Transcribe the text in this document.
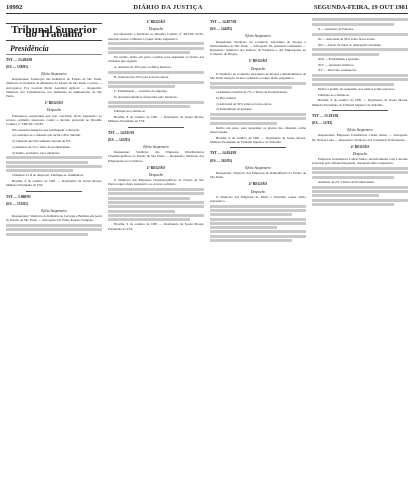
10992	DIÁRIO DA JUSTIÇA	SEGUNDA-FEIRA, 19 OUT 1981
Tribunal Superior do Trabalho
Presidência
TST — 13.494/81
(ES — 138/81)
Efeito Suspensivo

Requerentes: Federação das Indústrias do Estado de São Paulo, Sindicato da Indústria de Alimentos do Estado de São Paulo e outros — Advogados: Eca Lacerda Mello Aureliani Aymard — Requerido: Sindicato dos Trabalhadores nas Indústrias da Alimentação de São Paulo.

2º REGIÃO
Despacho

Pretende-se requerentes que seja concedido efeito suspensivo ao recurso ordinário interposto contra a decisão proferida no Dissídio Coletivo nº TRT-DC-110/81.

Não existem elementos que justifiquem a alteração.

a) Considera-se a cláusula que inclui a Piso Salarial.

b) Cláusula que fixa aumento salarial de 8%.

c) Aumento de 2% a título de produtividade.

d) Salário normativo para substituto.

Cláusulas I e II do despacho. Publique-se. Intimem-se.

Brasília, 6 de outubro de 1981 — Raymundo de Souza Moura, Ministro Presidente do TST.

TST — 5.068/81
(ES — 153/81)
Efeito Suspensivo

Requerentes: Sindicato da Indústria de Cervejas e Bebidas em Geral do Estado de São Paulo — Advogado: Dr. Paulo Ernesto Sampaio.

2º REGIÃO
Despacho

Inconformado o Sindicato no Dissídio Coletivo nº TRT-DC-52/81, interpõe recurso ordinário e requer efeito suspensivo.

Do exame, defiro em parte o pedido para suspender os efeitos das cláusulas que seguem.

A. Abertura de 30% para os filhos menores.

B. Adicional de 20% para as horas extras.

C. Estabilidade — Garantia do emprego.

D. Atestados médicos fornecidos pelo Sindicato.

Publique-se e intime-se.

Brasília, 8 de outubro de 1981 — Raymundo de Souza Moura, Ministro Presidente do TST.

TST — 14.011/81
(ES — 143/81)
Efeito Suspensivo

Requerente: Sindicato das Empresas Distribuidoras Cinematográficas do Estado de São Paulo — Requerido: Sindicato dos Empregados no Comércio.

2º REGIÃO
Despacho

O Sindicato das Empresas Cinematográficas do Estado de São Paulo requer efeito suspensivo ao recurso ordinário.

Brasília, 6 de outubro de 1981 — Raymundo de Souza Moura, Presidente do TST.

TST — 14.057/81
(ES — 144/81)
Efeito Suspensivo

Requerente: Sindicato do Comércio Atacadista de Drogas e Medicamentos do São Paulo — Advogado: Dr. Armando Guimarães — Requerido: Sindicato dos Práticos de Farmácia e dos Empregados no Comércio de Drogas.

2º REGIÃO
Despacho

O Sindicato do Comércio Atacadista de Drogas e Medicamentos de São Paulo interpõe recurso ordinário e requer efeito suspensivo.

a) Aumento Salarial de 7%, a Título de Produtividade.

b) Piso salarial.

c) Adicional de 50% sobre as horas extras.

d) Estabilidade da gestante.

Defiro em parte, para suspender os efeitos das cláusulas acima mencionadas.

Brasília, 9 de outubro de 1981 — Raymundo de Souza Moura, Ministro Presidente do Tribunal Superior do Trabalho.

TST — 14.054/81
(ES — 165/81)
Efeito Suspensivo

Requerente: Sindicato das Empresas de Radiodifusão no Estado de São Paulo.

4º REGIÃO
Despacho

O Sindicato das Empresas de Rádio e Televisão requer efeito suspensivo.

X — Aumento de Funções.

XI — Adicional de 50% sobre horas extras.

XII — Abono de faltas ao empregado estudante.

XIII — Estabilidade à gestante.

XIV — Atestados médicos.

XV — Desconto assistencial.

Defiro o pedido de suspensão, nos termos acima expostos.

Publique-se e intime-se.

Brasília, 9 de outubro de 1981 — Raymundo de Souza Moura, Ministro Presidente do Tribunal Superior do Trabalho.

TST — 13.193/81
(ES — 12/81)
Efeito Suspensivo

Requerentes: Empresas Jornalísticas Caldas Júnior — Advogado: Dr. Nelson Leite — Requerido: Sindicato dos Jornalistas Profissionais.

4º REGIÃO
Despacho

Empresas Jornalísticas Caldas Júnior, inconformadas com a decisão proferida pelo Tribunal Regional, requerem efeito suspensivo.

Aumento de 2% a Título de Produtividade.
